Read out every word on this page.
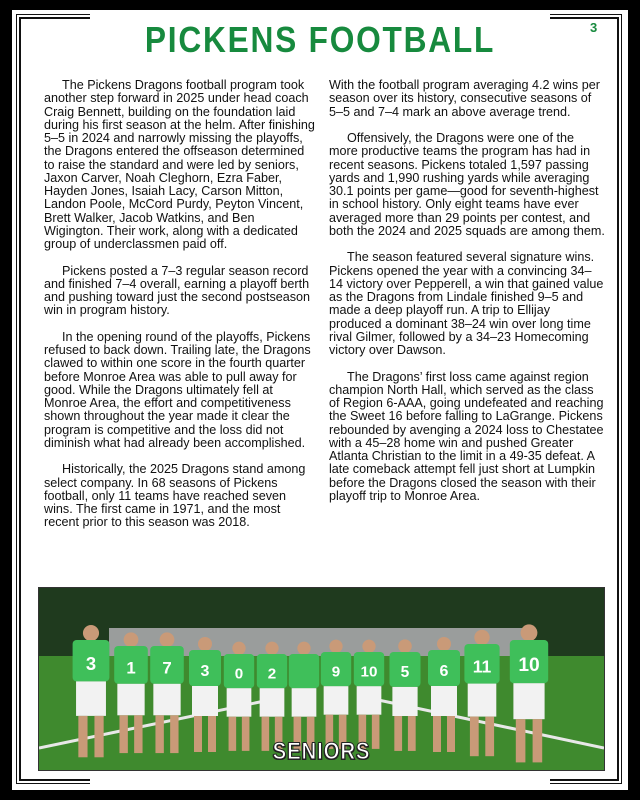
PICKENS FOOTBALL	3

The Pickens Dragons football program took another step forward in 2025 under head coach Craig Bennett, building on the foundation laid during his first season at the helm. After finishing 5–5 in 2024 and narrowly missing the playoffs, the Dragons entered the offseason determined to raise the standard and were led by seniors, Jaxon Carver, Noah Cleghorn, Ezra Faber, Hayden Jones, Isaiah Lacy, Carson Mitton, Landon Poole, McCord Purdy, Peyton Vincent, Brett Walker, Jacob Watkins, and Ben Wigington. Their work, along with a dedicated group of underclassmen paid off.

Pickens posted a 7–3 regular season record and finished 7–4 overall, earning a playoff berth and pushing toward just the second postseason win in program history.

In the opening round of the playoffs, Pickens refused to back down. Trailing late, the Dragons clawed to within one score in the fourth quarter before Monroe Area was able to pull away for good. While the Dragons ultimately fell at Monroe Area, the effort and competitiveness shown throughout the year made it clear the program is competitive and the loss did not diminish what had already been accomplished.

Historically, the 2025 Dragons stand among select company. In 68 seasons of Pickens football, only 11 teams have reached seven wins. The first came in 1971, and the most recent prior to this season was 2018.

With the football program averaging 4.2 wins per season over its history, consecutive seasons of 5–5 and 7–4 mark an above average trend.

Offensively, the Dragons were one of the more productive teams the program has had in recent seasons. Pickens totaled 1,597 passing yards and 1,990 rushing yards while averaging 30.1 points per game—good for seventh-highest in school history. Only eight teams have ever averaged more than 29 points per contest, and both the 2024 and 2025 squads are among them.

The season featured several signature wins. Pickens opened the year with a convincing 34–14 victory over Pepperell, a win that gained value as the Dragons from Lindale finished 9–5 and made a deep playoff run. A trip to Ellijay produced a dominant 38–24 win over long time rival Gilmer, followed by a 34–23 Homecoming victory over Dawson.

The Dragons’ first loss came against region champion North Hall, which served as the class of Region 6-AAA, going undefeated and reaching the Sweet 16 before falling to LaGrange. Pickens rebounded by avenging a 2024 loss to Chestatee with a 45–28 home win and pushed Greater Atlanta Christian to the limit in a 49-35 defeat. A late comeback attempt fell just short at Lumpkin before the Dragons closed the season with their playoff trip to Monroe Area.

3 1 7 3 0 2	9 10 5 6 11 10
SENIORS
